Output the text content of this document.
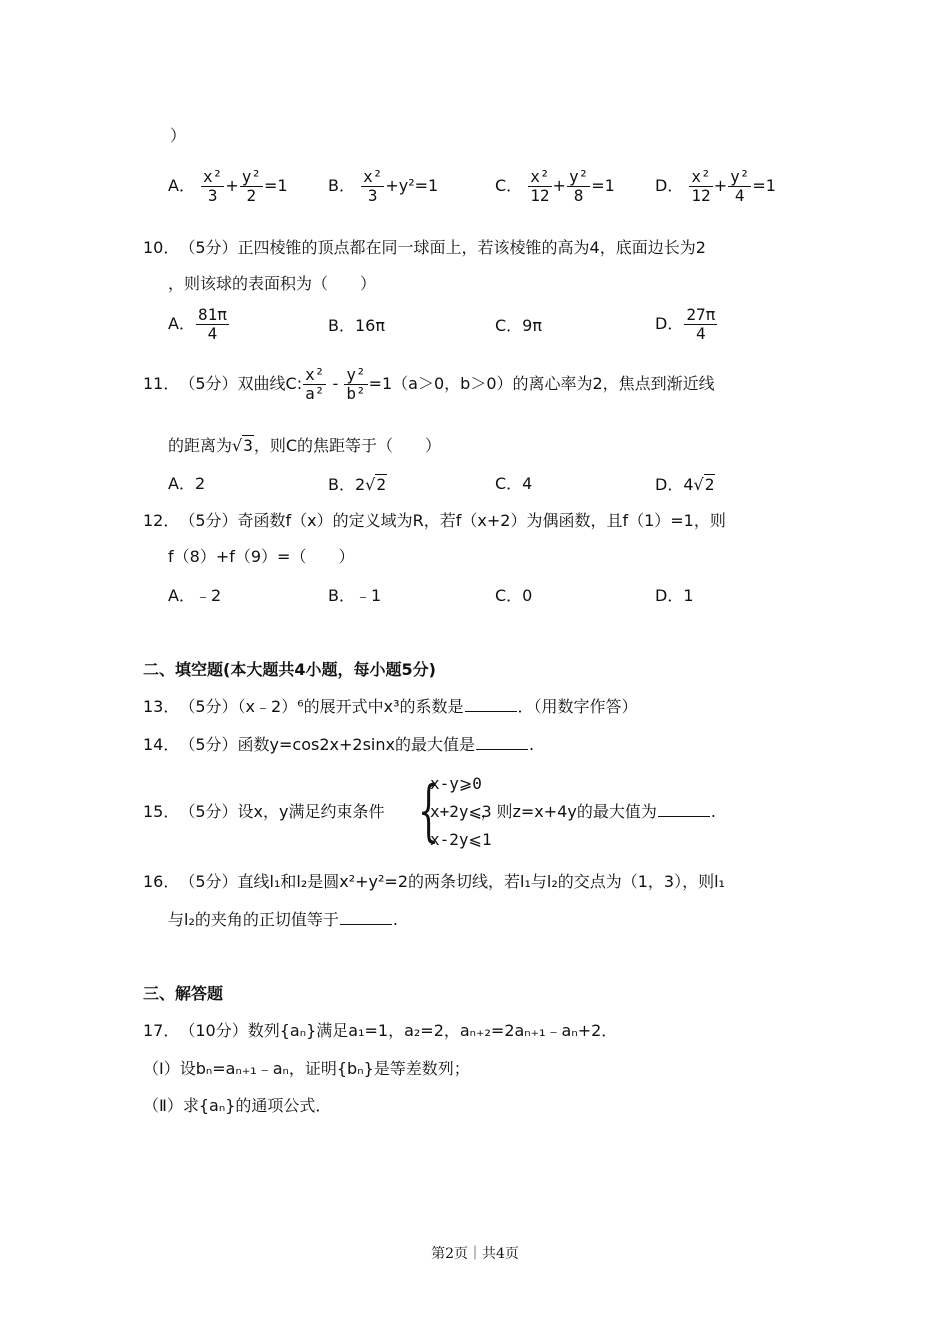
）
A． $\frac{\text{x²}}{3} + \frac{\text{y²}}{2} =1$	B． $\frac{\text{x²}}{3} +y^2=1$	C． $\frac{\text{x²}}{12} + \frac{\text{y²}}{8} =1$	D． $\frac{\text{x²}}{12} + \frac{\text{y²}}{4} =1$
10．　（5分）正四棱锥的顶点都在同一球面上，若该棱锥的高为4，底面边长为2
，则该球的表面积为（　　）
A． $\frac{81\pi}{4}$	B．16π	C．9π	D． $\frac{27\pi}{4}$
11．　（5分）双曲线C: $\frac{\text{x²}}{\text{a²}} - \frac{\text{y²}}{\text{b²}} =1(a>0$，b＞0）的离心率为2，焦点到渐近线
的距离为√3，则C的焦距等于（　　）
A．2	B．2√2	C．4	D．4√2
12．　（5分）奇函数f（x）的定义域为R，若f（x+2）为偶函数，且f（1）=1，则
f（8）+f（9）=（　　）
A．﹣2	B．﹣1	C．0	D．1
二、填空题(本大题共4小题，每小题5分)
13．　（5分）（x﹣2）⁶的展开式中x³的系数是	．（用数字作答）
14．　（5分）函数y=cos2x+2sinx的最大值是	.
15．　（5分）设x，y满足约束条件	，则z=x+4y的最大值为	.
{
x-y⩾0
x+2y⩽3
x-2y⩽1
16．　（5分）直线l₁和l₂是圆x²+y²=2的两条切线，若l₁与l₂的交点为（1，3），则l₁
与l₂的夹角的正切值等于	.
三、解答题
17．　（10分）数列{aₙ}满足a₁=1，a₂=2，aₙ₊₂=2aₙ₊₁﹣aₙ+2．
（Ⅰ）设bₙ=aₙ₊₁﹣aₙ，证明{bₙ}是等差数列；
（Ⅱ）求{aₙ}的通项公式．
第2页｜共4页
